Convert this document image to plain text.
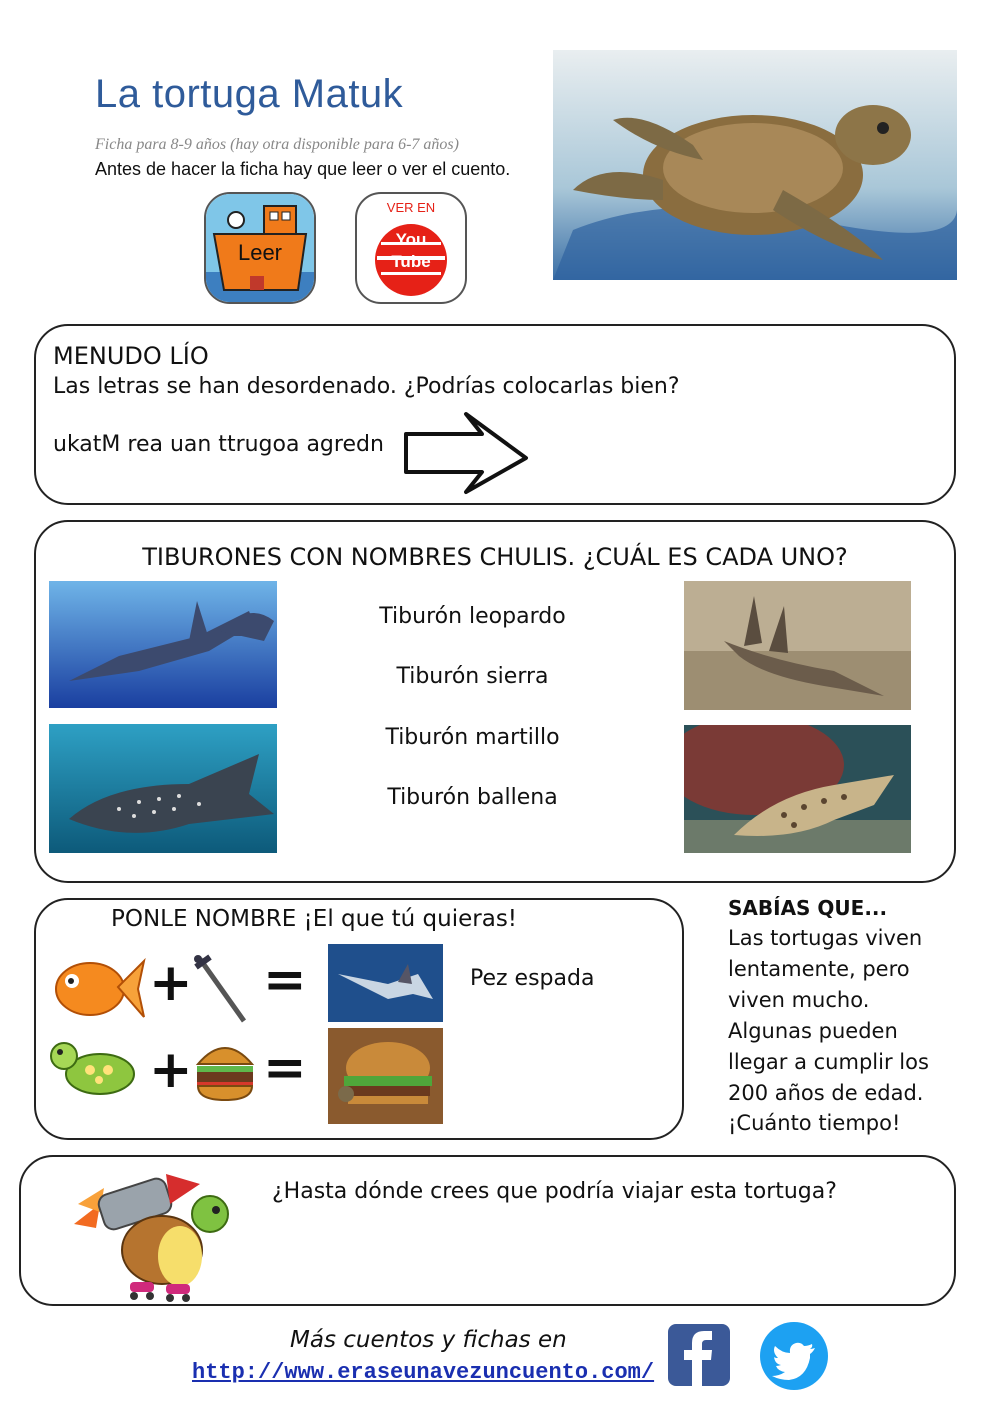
La tortuga Matuk
Ficha para 8-9 años (hay otra disponible para 6-7 años)
Antes de hacer la ficha hay que leer o ver el cuento.
Leer
VER EN
You
Tube
MENUDO LÍO
Las letras se han desordenado. ¿Podrías colocarlas bien?
ukatM rea uan ttrugoa agredn
TIBURONES CON NOMBRES CHULIS. ¿CUÁL ES CADA UNO?
Tiburón leopardo
Tiburón sierra
Tiburón martillo
Tiburón ballena
PONLE NOMBRE ¡El que tú quieras!
+ =	Pez espada
+ =
SABÍAS QUE...
Las tortugas viven
lentamente, pero
viven mucho.
Algunas pueden
llegar a cumplir los
200 años de edad.
¡Cuánto tiempo!
¿Hasta dónde crees que podría viajar esta tortuga?
Más cuentos y fichas en
http://www.eraseunavezuncuento.com/
